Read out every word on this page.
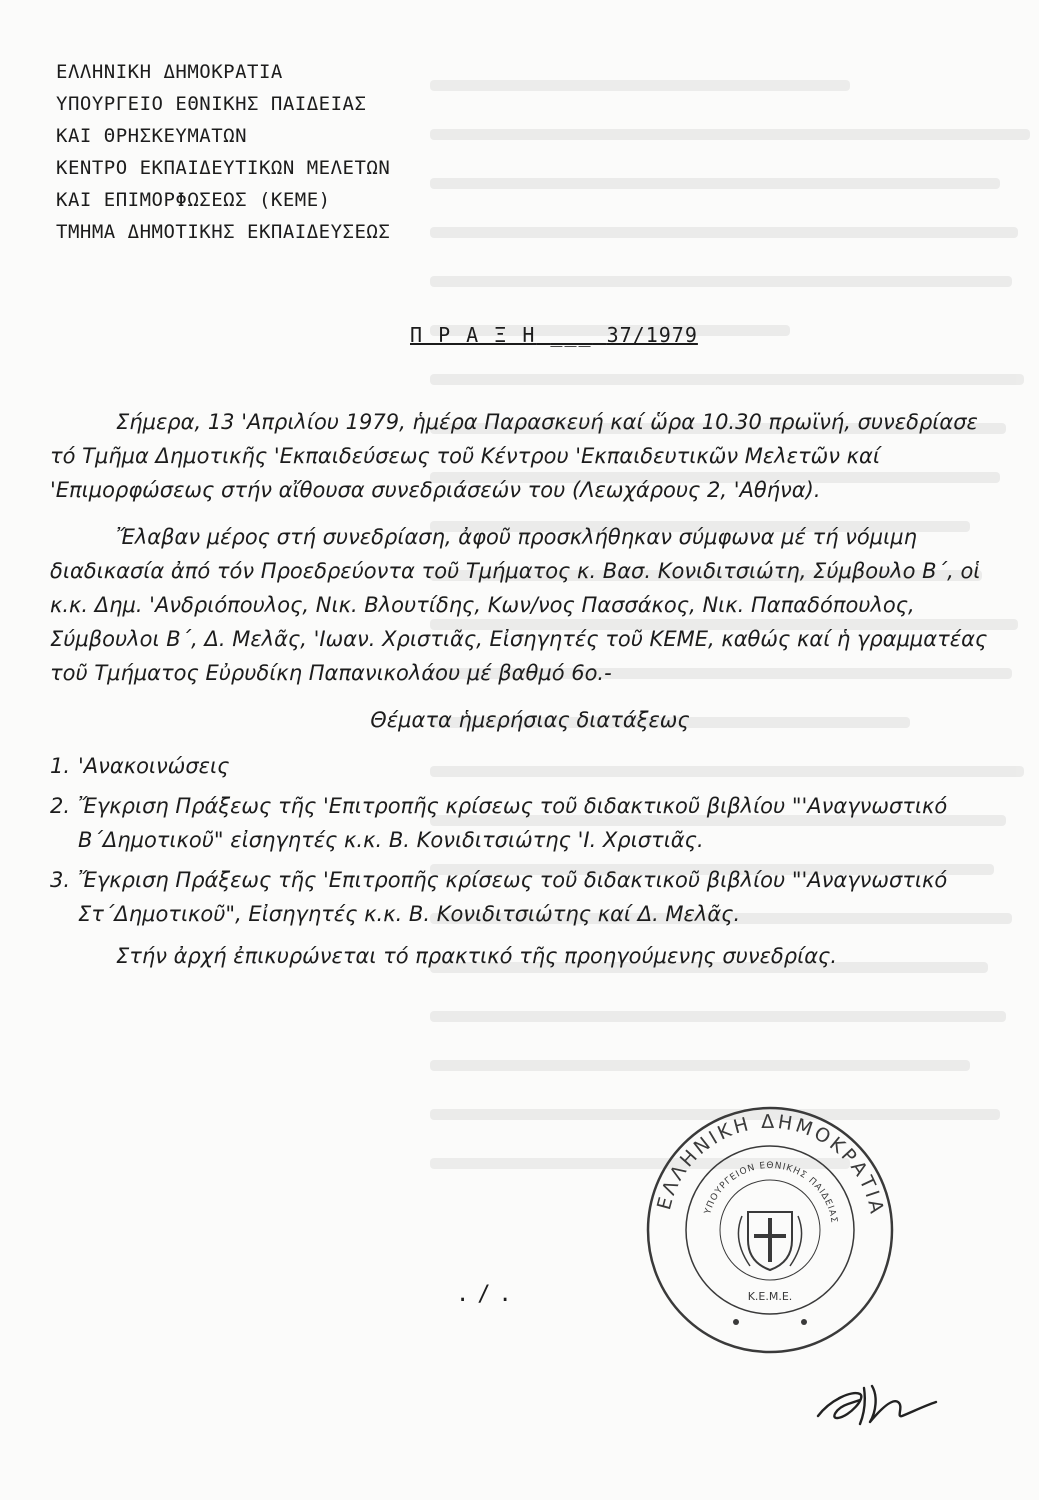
ΕΛΛΗΝΙΚΗ ΔΗΜΟΚΡΑΤΙΑ
ΥΠΟΥΡΓΕΙΟ ΕΘΝΙΚΗΣ ΠΑΙΔΕΙΑΣ
ΚΑΙ ΘΡΗΣΚΕΥΜΑΤΩΝ
ΚΕΝΤΡΟ ΕΚΠΑΙΔΕΥΤΙΚΩΝ ΜΕΛΕΤΩΝ
ΚΑΙ ΕΠΙΜΟΡΦΩΣΕΩΣ (ΚΕΜΕ)
ΤΜΗΜΑ ΔΗΜΟΤΙΚΗΣ ΕΚΠΑΙΔΕΥΣΕΩΣ
Π Ρ Α Ξ Η ___ 37/1979

Σήμερα, 13 'Απριλίου 1979, ἡμέρα Παρασκευή καί ὥρα 10.30 πρωϊνή, συνεδρίασε τό Τμῆμα Δημοτικῆς 'Εκπαιδεύσεως τοῦ Κέντρου 'Εκπαιδευτικῶν Μελετῶν καί 'Επιμορφώσεως στήν αἴθουσα συνεδριάσεών του (Λεωχάρους 2, 'Αθήνα).

Ἔλαβαν μέρος στή συνεδρίαση, ἀφοῦ προσκλήθηκαν σύμφωνα μέ τή νόμιμη διαδικασία ἀπό τόν Προεδρεύοντα τοῦ Τμήματος κ. Βασ. Κονιδιτσιώτη, Σύμβουλο Β΄, οἱ κ.κ. Δημ. 'Ανδριόπουλος, Νικ. Βλουτίδης, Κων/νος Πασσάκος, Νικ. Παπαδόπουλος, Σύμβουλοι Β΄, Δ. Μελᾶς, 'Ιωαν. Χριστιᾶς, Εἰσηγητές τοῦ ΚΕΜΕ, καθώς καί ἡ γραμματέας τοῦ Τμήματος Εὐρυδίκη Παπανικολάου μέ βαθμό 6ο.-

Θέματα ἡμερήσιας διατάξεως
1. 'Ανακοινώσεις
2. Ἔγκριση Πράξεως τῆς 'Επιτροπῆς κρίσεως τοῦ διδακτικοῦ βιβλίου "'Αναγνωστικό Β΄Δημοτικοῦ" εἰσηγητές κ.κ. Β. Κονιδιτσιώτης 'Ι. Χριστιᾶς.
3. Ἔγκριση Πράξεως τῆς 'Επιτροπῆς κρίσεως τοῦ διδακτικοῦ βιβλίου "'Αναγνωστικό Στ΄Δημοτικοῦ", Εἰσηγητές κ.κ. Β. Κονιδιτσιώτης καί Δ. Μελᾶς.

Στήν ἀρχή ἐπικυρώνεται τό πρακτικό τῆς προηγούμενης συνεδρίας.

./.
ΕΛΛΗΝΙΚΗ ΔΗΜΟΚΡΑΤΙΑ
ΥΠΟΥΡΓΕΙΟΝ ΕΘΝΙΚΗΣ ΠΑΙΔΕΙΑΣ
Κ.Ε.Μ.Ε.
